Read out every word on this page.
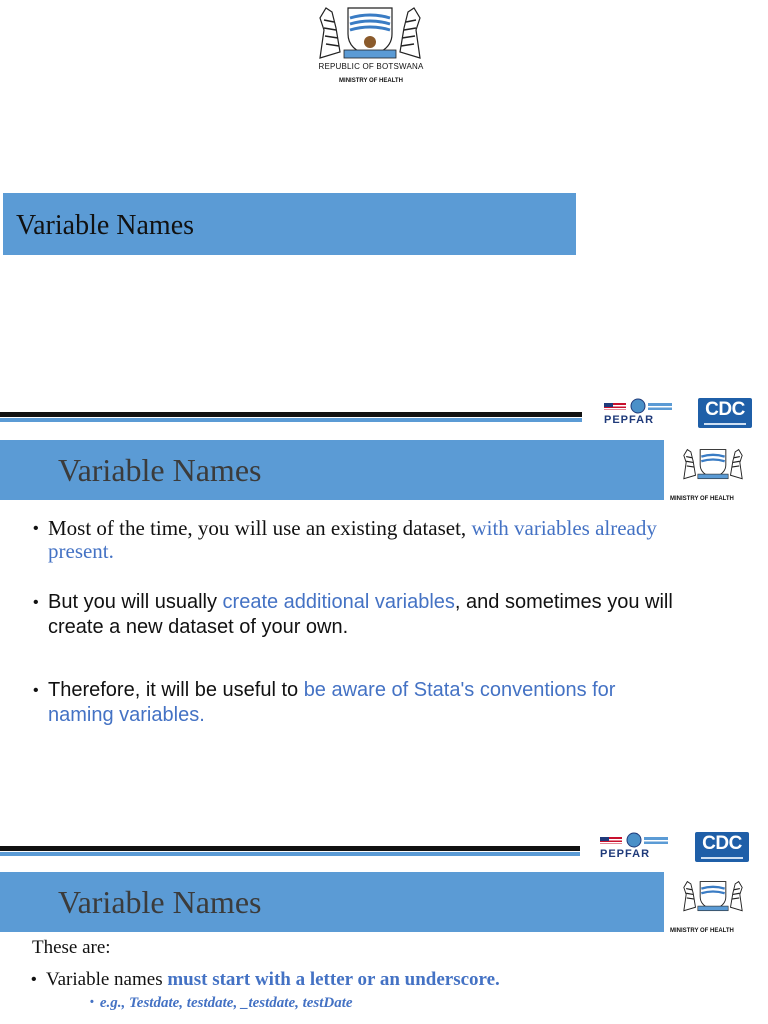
REPUBLIC OF BOTSWANA
MINISTRY OF HEALTH
Variable Names
PEPFAR	CDC
Variable Names
MINISTRY OF HEALTH
• Most of the time, you will use an existing dataset, with variables already present.
• But you will usually create additional variables, and sometimes you will create a new dataset of your own.
• Therefore, it will be useful to be aware of Stata's conventions for naming variables.
PEPFAR	CDC
Variable Names
MINISTRY OF HEALTH
These are:
• Variable names must start with a letter or an underscore.
• e.g., Testdate, testdate, _testdate, testDate
